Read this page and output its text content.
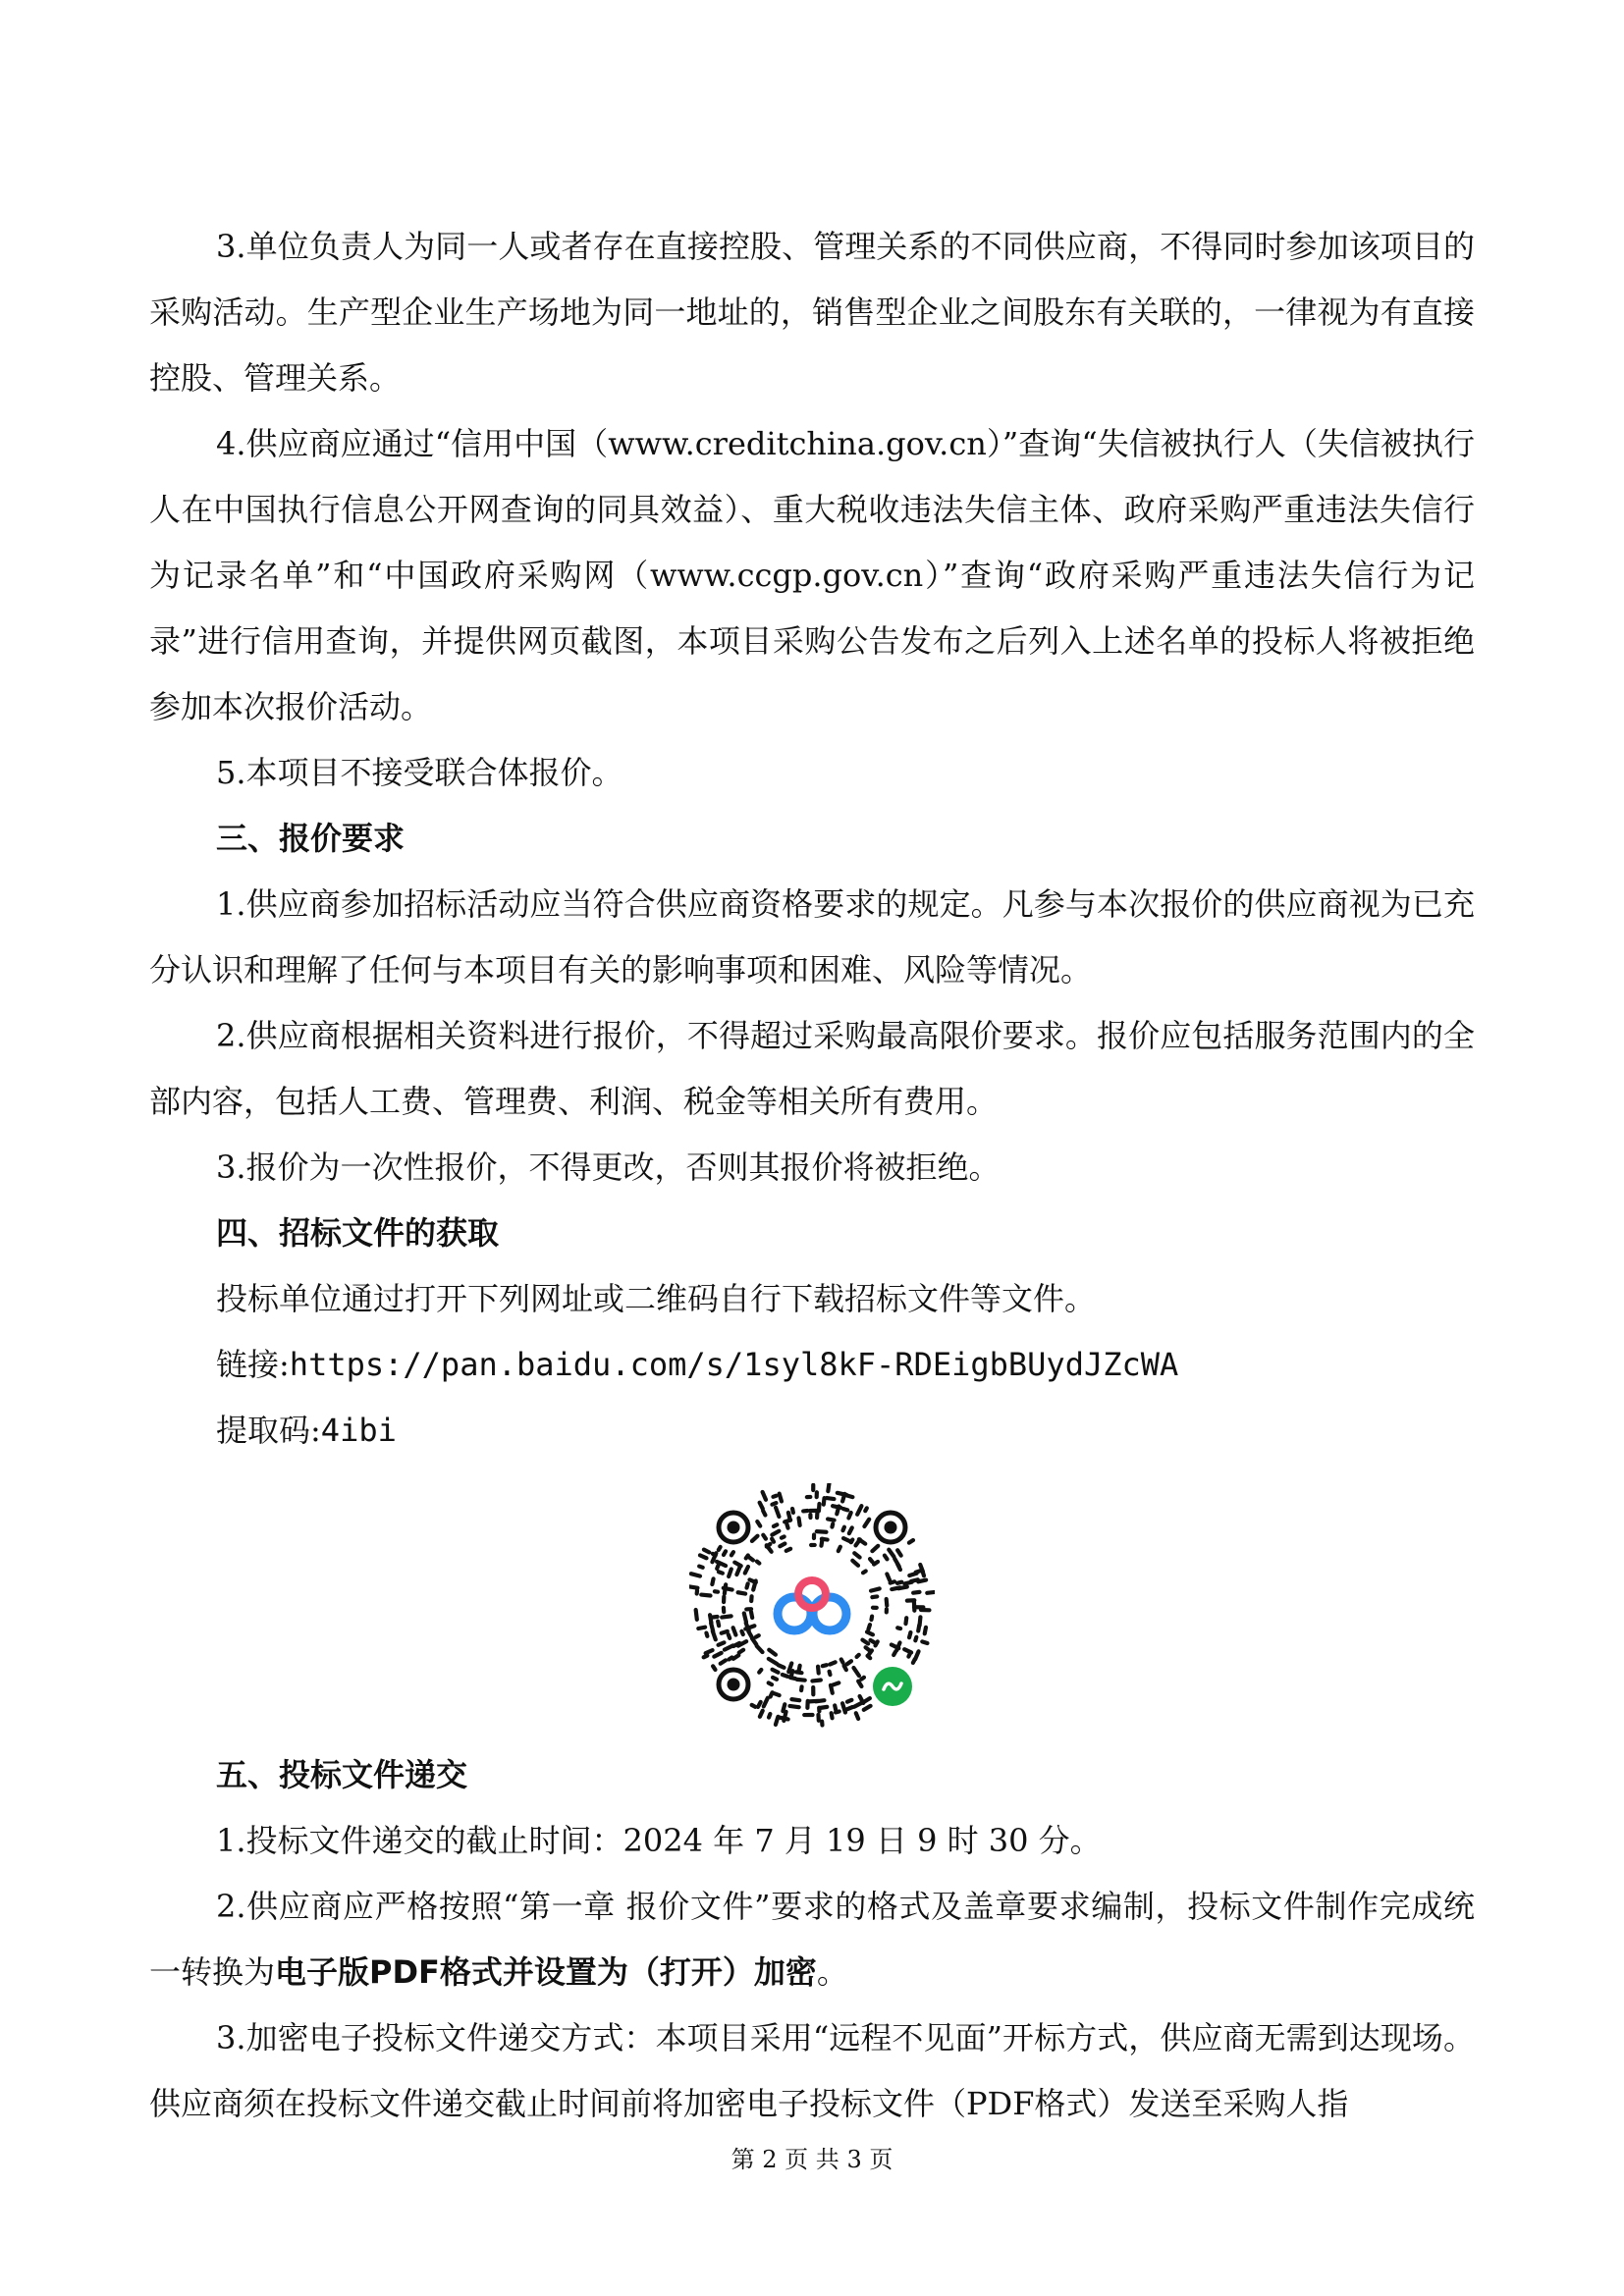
3.单位负责人为同一人或者存在直接控股、管理关系的不同供应商，不得同时参加该项目的采购活动。生产型企业生产场地为同一地址的，销售型企业之间股东有关联的，一律视为有直接控股、管理关系。

4.供应商应通过“信用中国（www.creditchina.gov.cn）”查询“失信被执行人（失信被执行人在中国执行信息公开网查询的同具效益）、重大税收违法失信主体、政府采购严重违法失信行为记录名单”和“中国政府采购网（www.ccgp.gov.cn）”查询“政府采购严重违法失信行为记录”进行信用查询，并提供网页截图，本项目采购公告发布之后列入上述名单的投标人将被拒绝参加本次报价活动。

5.本项目不接受联合体报价。

三、报价要求

1.供应商参加招标活动应当符合供应商资格要求的规定。凡参与本次报价的供应商视为已充分认识和理解了任何与本项目有关的影响事项和困难、风险等情况。

2.供应商根据相关资料进行报价，不得超过采购最高限价要求。报价应包括服务范围内的全部内容，包括人工费、管理费、利润、税金等相关所有费用。

3.报价为一次性报价，不得更改，否则其报价将被拒绝。

四、招标文件的获取

投标单位通过打开下列网址或二维码自行下载招标文件等文件。

链接:https://pan.baidu.com/s/1syl8kF-RDEigbBUydJZcWA

提取码:4ibi

五、投标文件递交

1.投标文件递交的截止时间：2024 年 7 月 19 日 9 时 30 分。

2.供应商应严格按照“第一章 报价文件”要求的格式及盖章要求编制，投标文件制作完成统一转换为电子版PDF格式并设置为（打开）加密。

3.加密电子投标文件递交方式：本项目采用“远程不见面”开标方式，供应商无需到达现场。供应商须在投标文件递交截止时间前将加密电子投标文件（PDF格式）发送至采购人指

第 2 页 共 3 页
